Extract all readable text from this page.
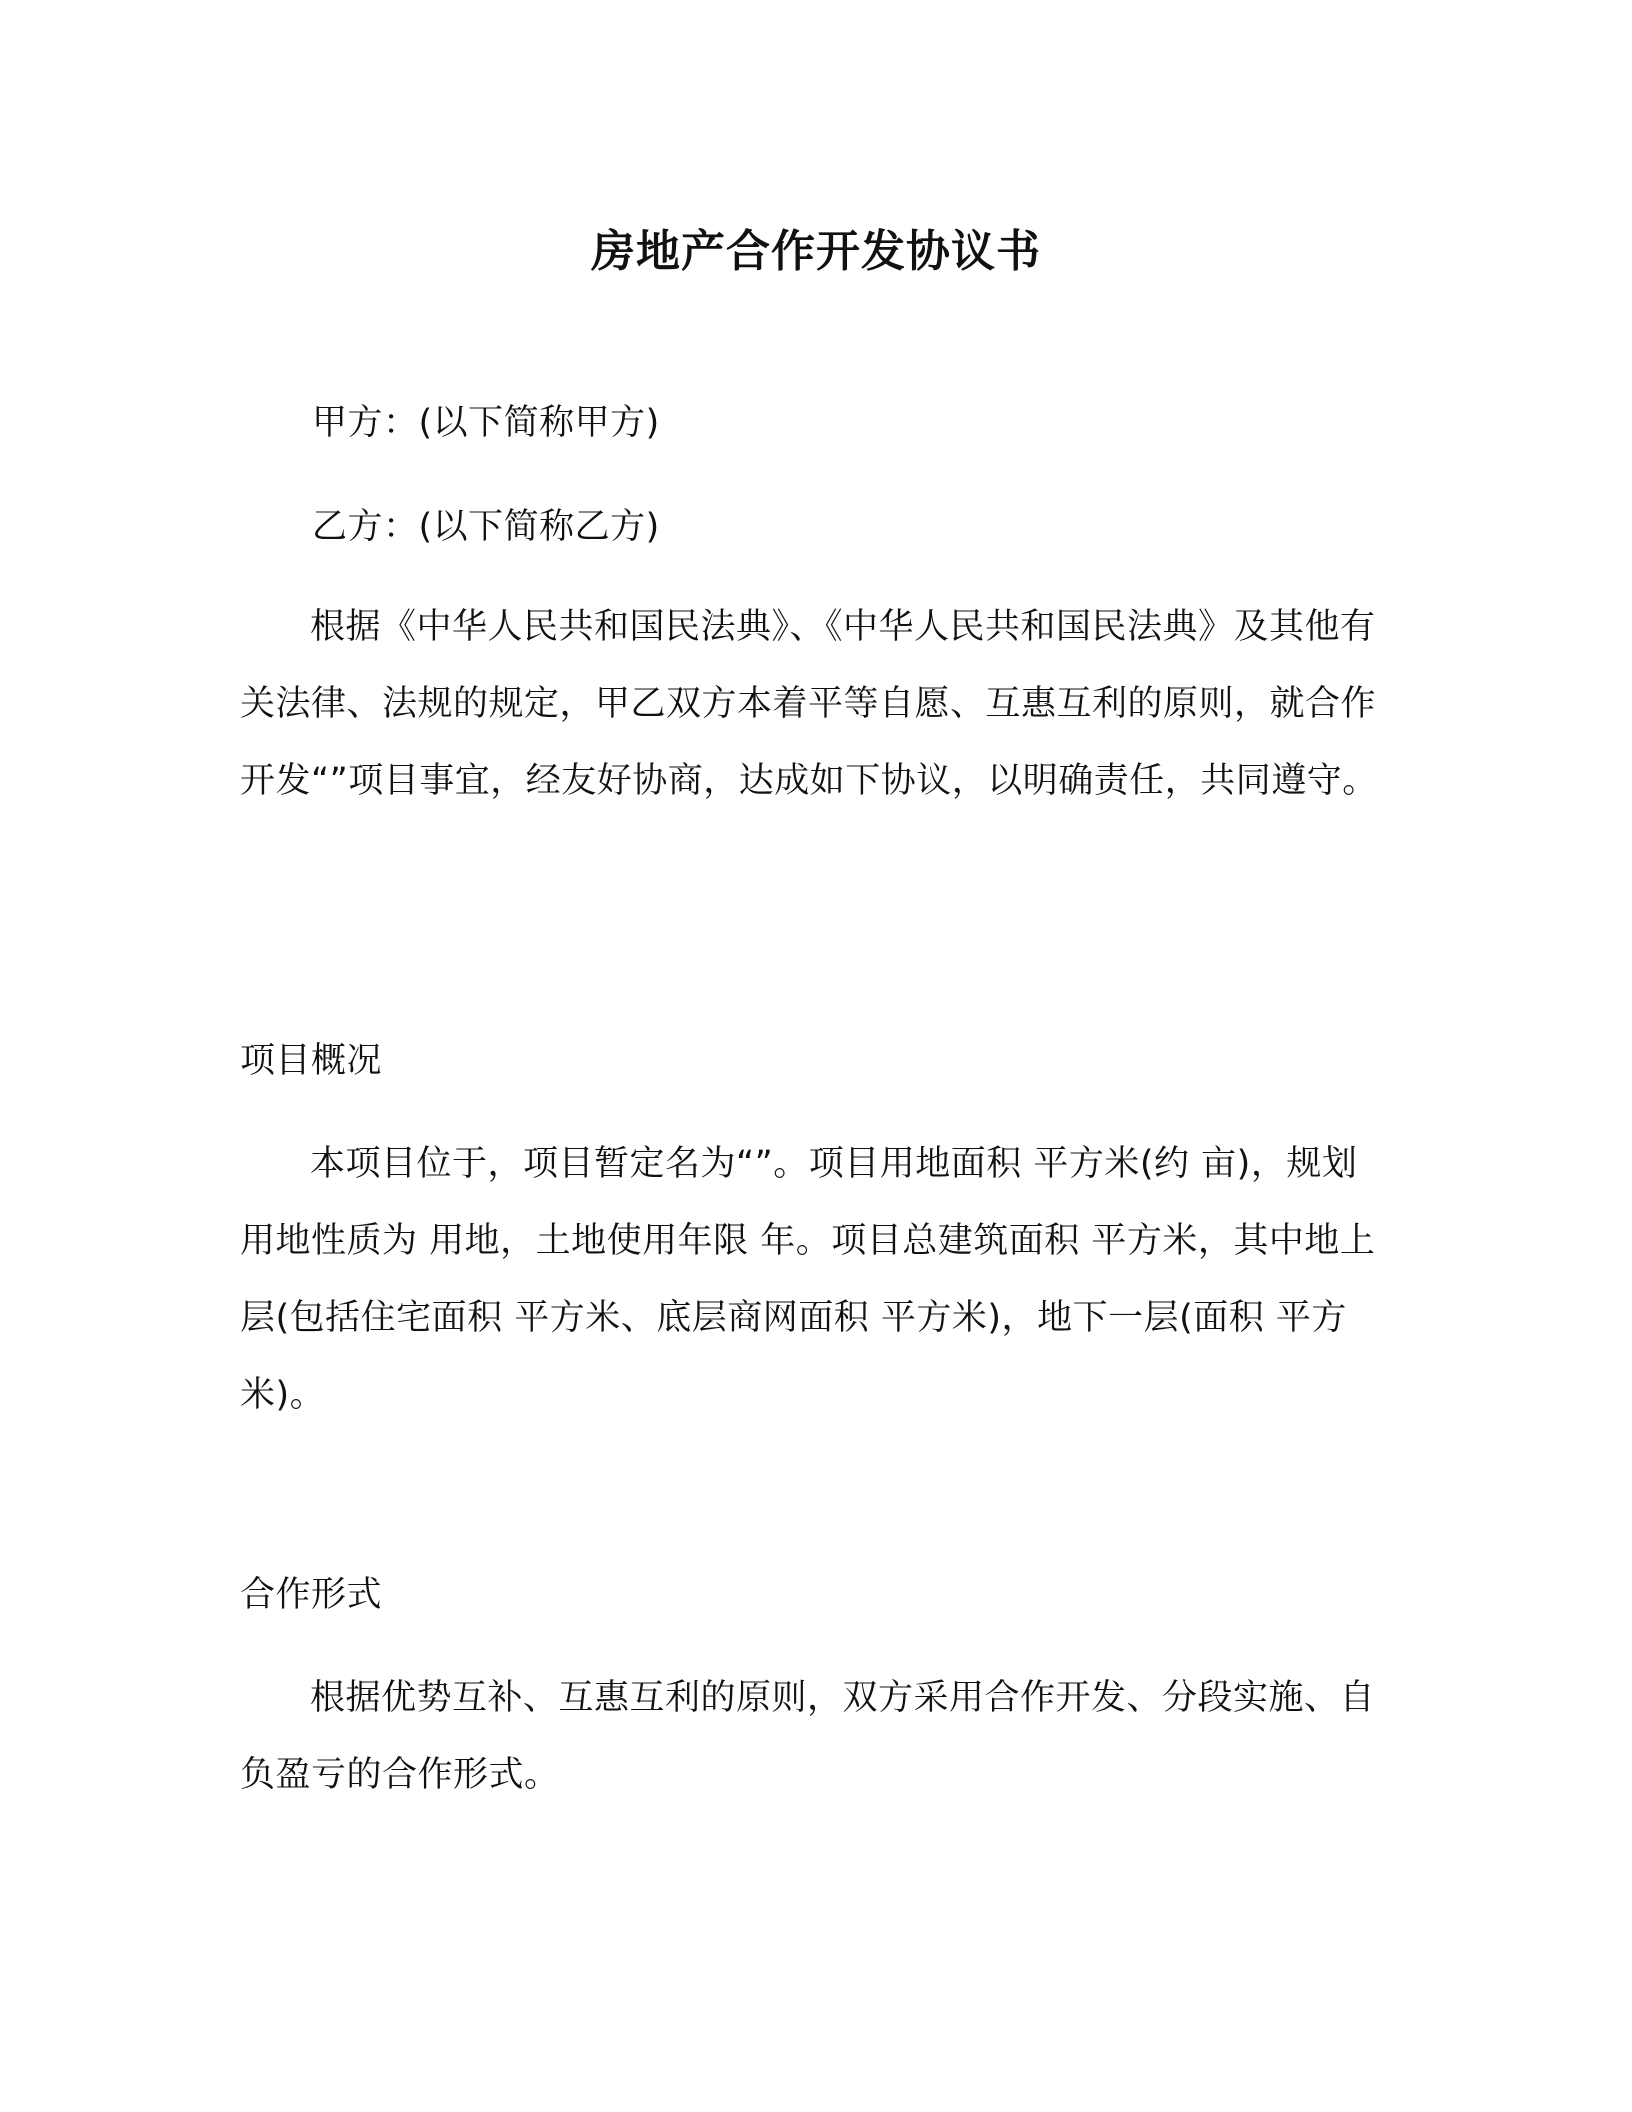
房地产合作开发协议书
甲方：(以下简称甲方)
乙方：(以下简称乙方)

根据《中华人民共和国民法典》、《中华人民共和国民法典》及其他有关法律、法规的规定，甲乙双方本着平等自愿、互惠互利的原则，就合作开发“”项目事宜，经友好协商，达成如下协议，以明确责任，共同遵守。

项目概况

本项目位于，项目暂定名为“”。项目用地面积 平方米(约 亩)，规划用地性质为 用地，土地使用年限 年。项目总建筑面积 平方米，其中地上 层(包括住宅面积 平方米、底层商网面积 平方米)，地下一层(面积 平方米)。

合作形式

根据优势互补、互惠互利的原则，双方采用合作开发、分段实施、自负盈亏的合作形式。
